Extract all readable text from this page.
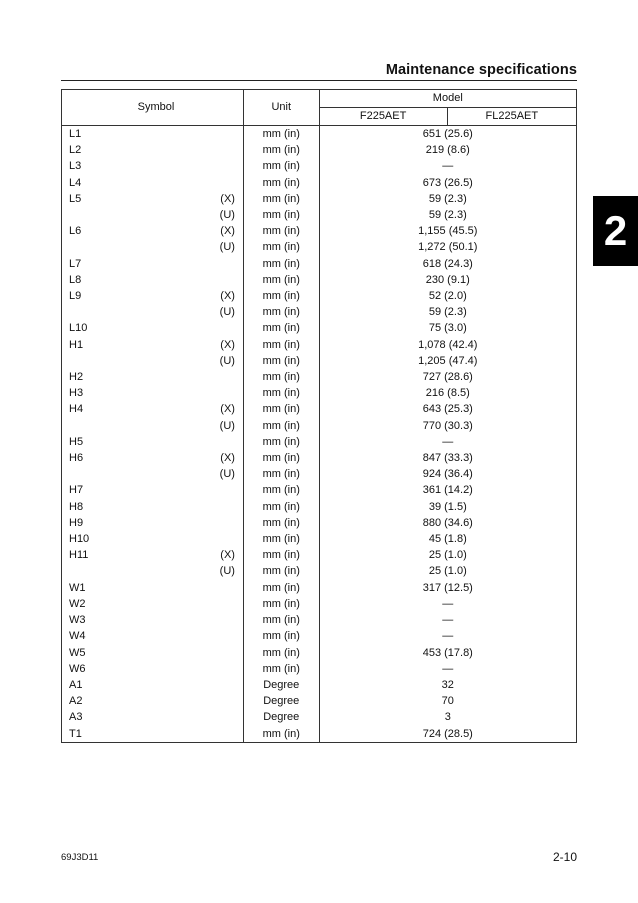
Maintenance specifications
2
Symbol		Unit	Model	
			F225AET	FL225AET
L1		mm (in)	651 (25.6)	
L2		mm (in)	219 (8.6)	
L3		mm (in)	—	
L4		mm (in)	673 (26.5)	
L5	(X)	mm (in)	59 (2.3)	
	(U)	mm (in)	59 (2.3)	
L6	(X)	mm (in)	1,155 (45.5)	
	(U)	mm (in)	1,272 (50.1)	
L7		mm (in)	618 (24.3)	
L8		mm (in)	230 (9.1)	
L9	(X)	mm (in)	52 (2.0)	
	(U)	mm (in)	59 (2.3)	
L10		mm (in)	75 (3.0)	
H1	(X)	mm (in)	1,078 (42.4)	
	(U)	mm (in)	1,205 (47.4)	
H2		mm (in)	727 (28.6)	
H3		mm (in)	216 (8.5)	
H4	(X)	mm (in)	643 (25.3)	
	(U)	mm (in)	770 (30.3)	
H5		mm (in)	—	
H6	(X)	mm (in)	847 (33.3)	
	(U)	mm (in)	924 (36.4)	
H7		mm (in)	361 (14.2)	
H8		mm (in)	39 (1.5)	
H9		mm (in)	880 (34.6)	
H10		mm (in)	45 (1.8)	
H11	(X)	mm (in)	25 (1.0)	
	(U)	mm (in)	25 (1.0)	
W1		mm (in)	317 (12.5)	
W2		mm (in)	—	
W3		mm (in)	—	
W4		mm (in)	—	
W5		mm (in)	453 (17.8)	
W6		mm (in)	—	
A1		Degree	32	
A2		Degree	70	
A3		Degree	3	
T1		mm (in)	724 (28.5)	
69J3D11	2-10
